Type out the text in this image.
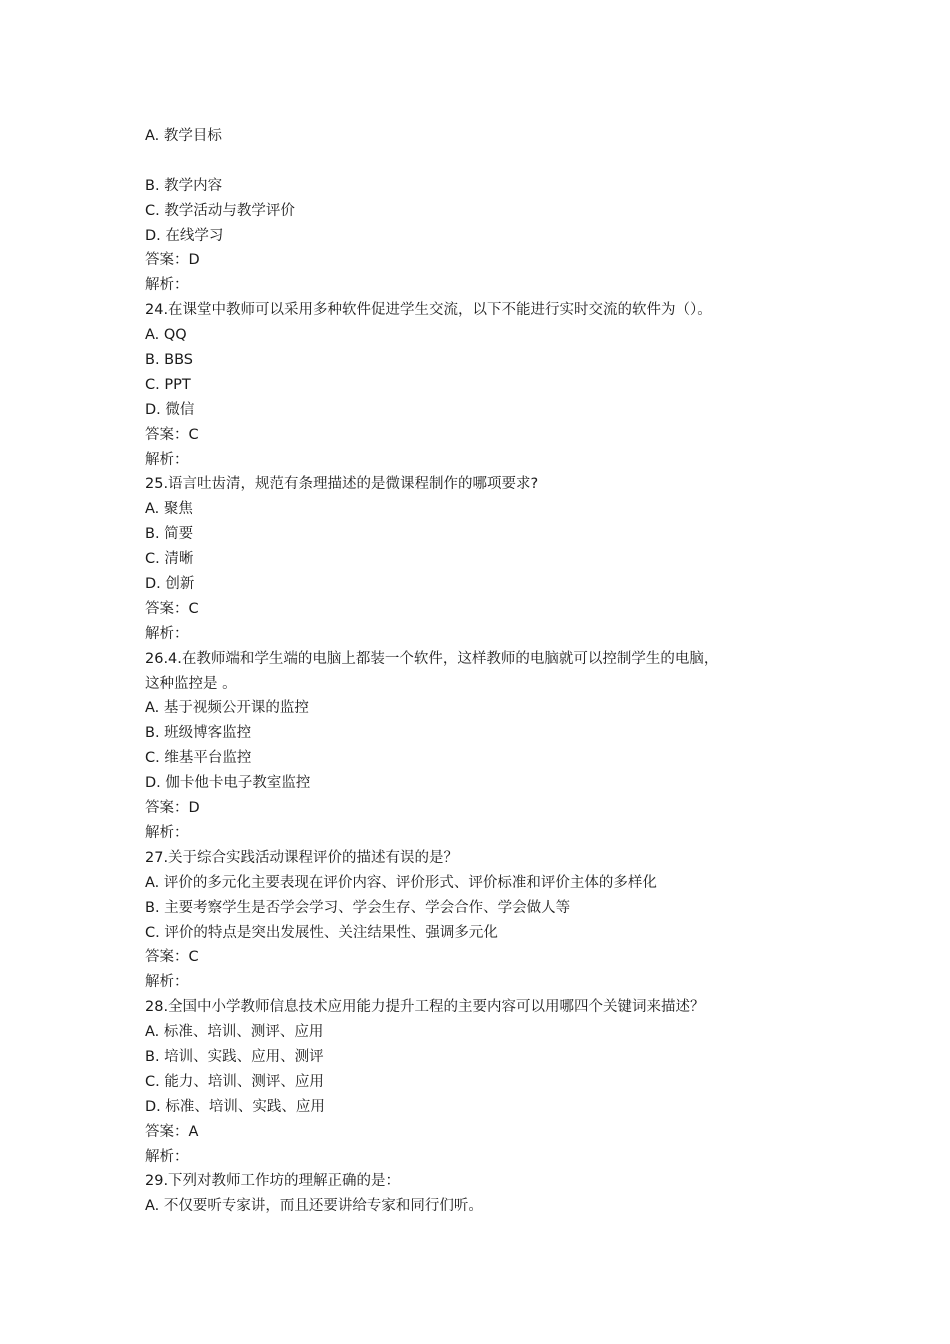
A. 教学目标
B. 教学内容
C. 教学活动与教学评价
D. 在线学习
答案：D
解析：
24.在课堂中教师可以采用多种软件促进学生交流，以下不能进行实时交流的软件为（）。
A. QQ
B. BBS
C. PPT
D. 微信
答案：C
解析：
25.语言吐齿清，规范有条理描述的是微课程制作的哪项要求?
A. 聚焦
B. 简要
C. 清晰
D. 创新
答案：C
解析：
26.4.在教师端和学生端的电脑上都装一个软件，这样教师的电脑就可以控制学生的电脑，
这种监控是 。
A. 基于视频公开课的监控
B. 班级博客监控
C. 维基平台监控
D. 伽卡他卡电子教室监控
答案：D
解析：
27.关于综合实践活动课程评价的描述有误的是？
A. 评价的多元化主要表现在评价内容、评价形式、评价标准和评价主体的多样化
B. 主要考察学生是否学会学习、学会生存、学会合作、学会做人等
C. 评价的特点是突出发展性、关注结果性、强调多元化
答案：C
解析：
28.全国中小学教师信息技术应用能力提升工程的主要内容可以用哪四个关键词来描述？
A. 标准、培训、测评、应用
B. 培训、实践、应用、测评
C. 能力、培训、测评、应用
D. 标准、培训、实践、应用
答案：A
解析：
29.下列对教师工作坊的理解正确的是：
A. 不仅要听专家讲，而且还要讲给专家和同行们听。
